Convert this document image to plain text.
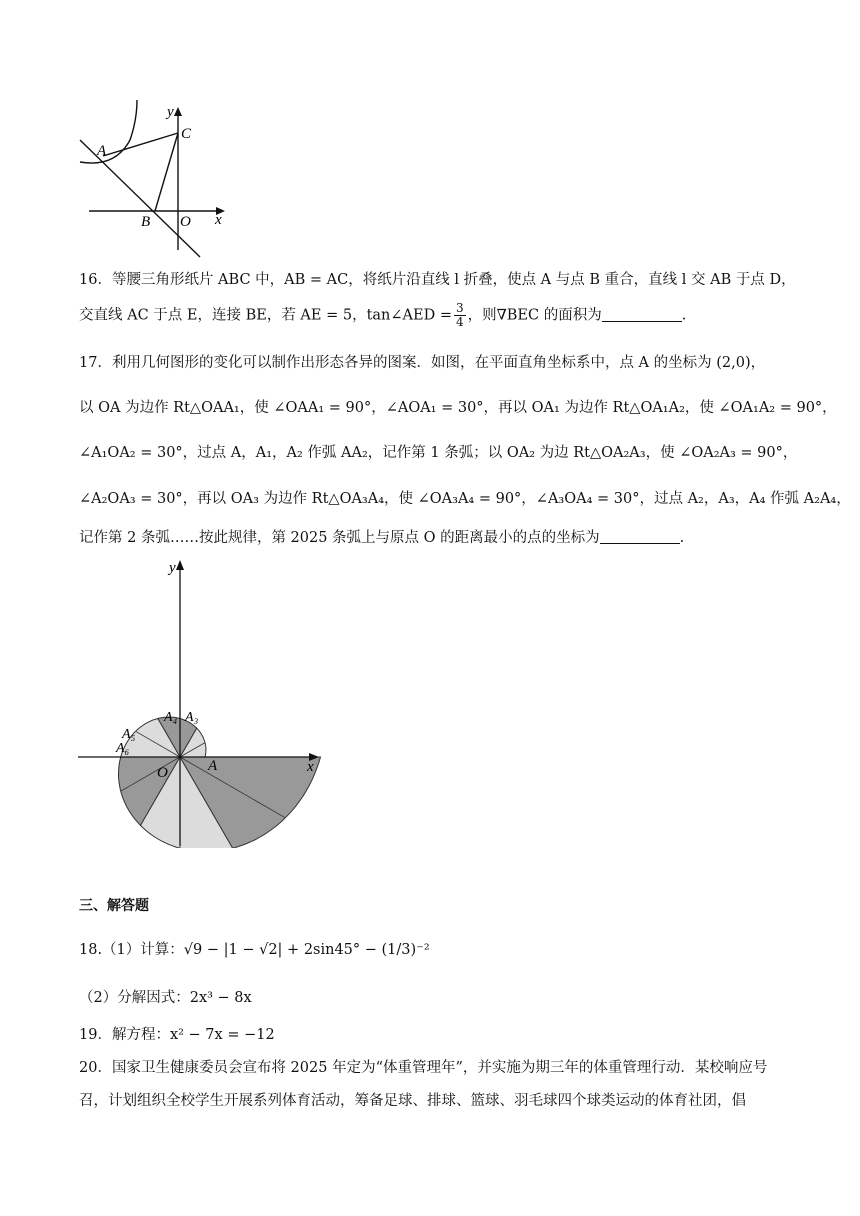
y
C
A
B O x
16．等腰三角形纸片 ABC 中，AB = AC，将纸片沿直线 l 折叠，使点 A 与点 B 重合，直线 l 交 AB 于点 D，
交直线 AC 于点 E，连接 BE，若 AE = 5，tan∠AED = $\frac{3}{4}$ ，则∇BEC 的面积为	.
17．利用几何图形的变化可以制作出形态各异的图案．如图，在平面直角坐标系中，点 A 的坐标为 (2,0)，
以 OA 为边作 Rt△OAA₁，使 ∠OAA₁ = 90°，∠AOA₁ = 30°，再以 OA₁ 为边作 Rt△OA₁A₂，使 ∠OA₁A₂ = 90°，
∠A₁OA₂ = 30°，过点 A，A₁，A₂ 作弧 AA₂，记作第 1 条弧；以 OA₂ 为边 Rt△OA₂A₃，使 ∠OA₂A₃ = 90°，
∠A₂OA₃ = 30°，再以 OA₃ 为边作 Rt△OA₃A₄，使 ∠OA₃A₄ = 90°，∠A₃OA₄ = 30°，过点 A₂，A₃，A₄ 作弧 A₂A₄，
记作第 2 条弧……按此规律，第 2025 条弧上与原点 O 的距离最小的点的坐标为	.
y
x
O	A
A₃
A₄
A₅
A₆
三、解答题
18.（1）计算：√9 − |1 − √2| + 2sin45° − (1/3)⁻²
（2）分解因式：2x³ − 8x
19．解方程：x² − 7x = −12
20．国家卫生健康委员会宣布将 2025 年定为“体重管理年”，并实施为期三年的体重管理行动．某校响应号
召，计划组织全校学生开展系列体育活动，筹备足球、排球、篮球、羽毛球四个球类运动的体育社团，倡
